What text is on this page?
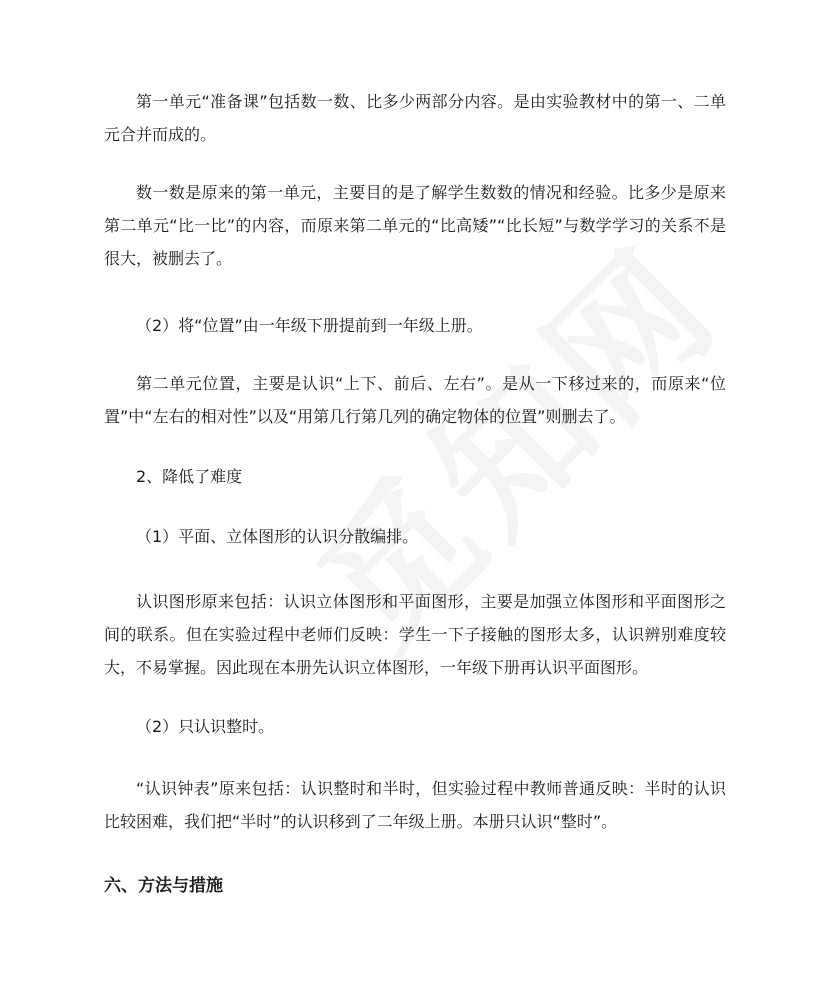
第一单元“准备课”包括数一数、比多少两部分内容。是由实验教材中的第一、二单元合并而成的。

数一数是原来的第一单元，主要目的是了解学生数数的情况和经验。比多少是原来第二单元“比一比”的内容，而原来第二单元的“比高矮”“比长短”与数学学习的关系不是很大，被删去了。

（2）将“位置”由一年级下册提前到一年级上册。

第二单元位置，主要是认识“上下、前后、左右”。是从一下移过来的，而原来“位置”中“左右的相对性”以及“用第几行第几列的确定物体的位置”则删去了。

2、降低了难度

（1）平面、立体图形的认识分散编排。

认识图形原来包括：认识立体图形和平面图形，主要是加强立体图形和平面图形之间的联系。但在实验过程中老师们反映：学生一下子接触的图形太多，认识辨别难度较大，不易掌握。因此现在本册先认识立体图形，一年级下册再认识平面图形。

（2）只认识整时。

“认识钟表”原来包括：认识整时和半时，但实验过程中教师普通反映：半时的认识比较困难，我们把“半时”的认识移到了二年级上册。本册只认识“整时”。

六、方法与措施
